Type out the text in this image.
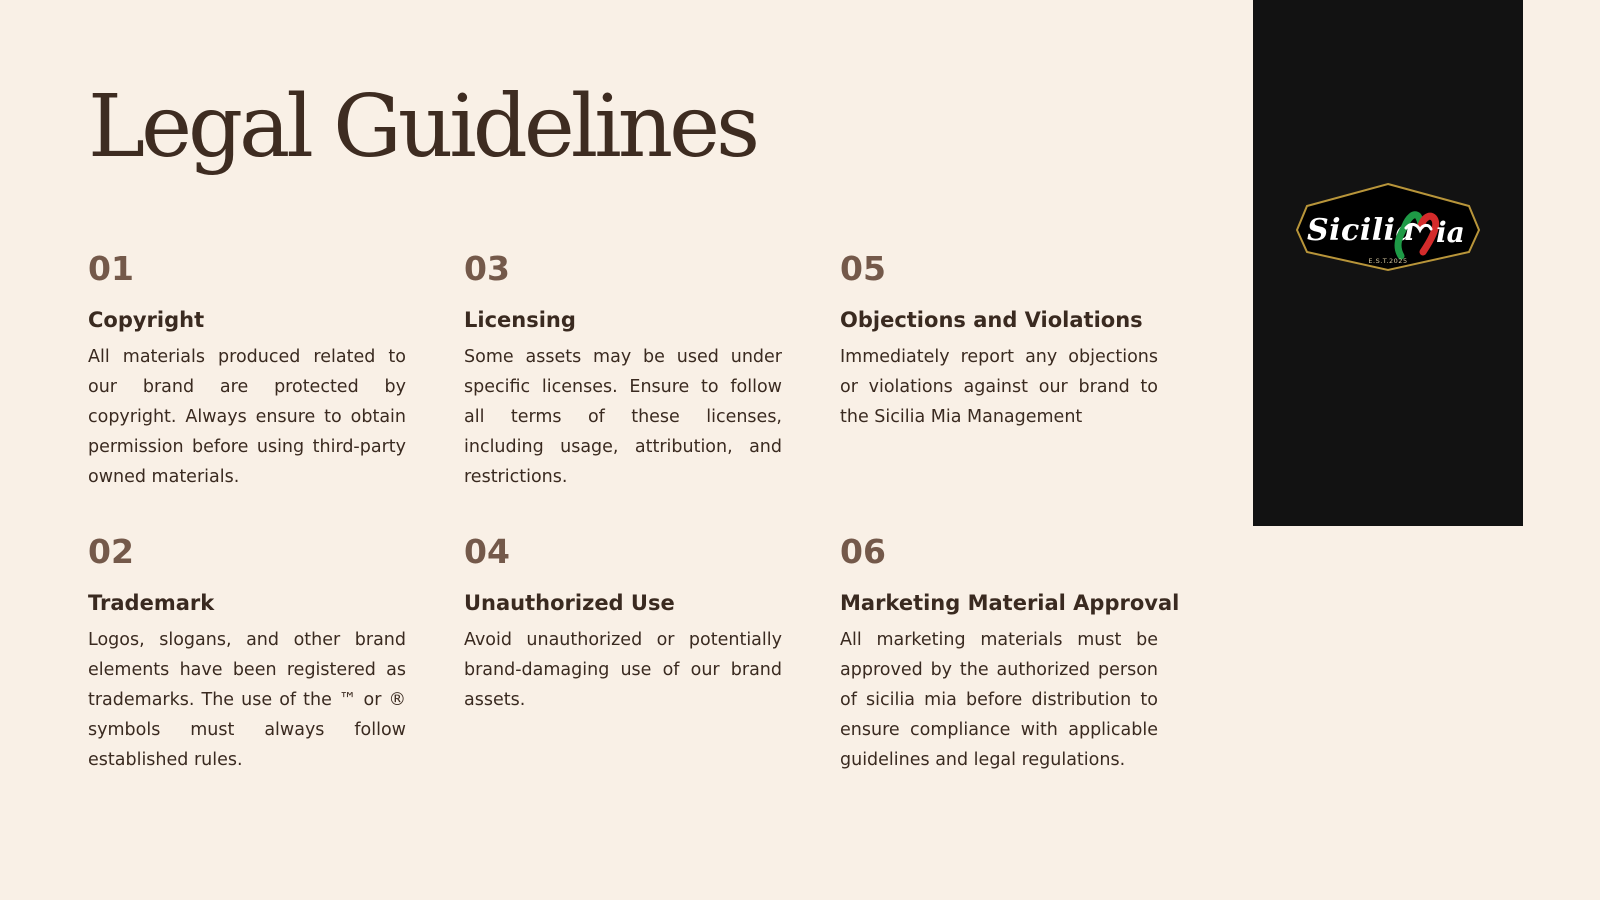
Legal Guidelines
01
Copyright

All materials produced related to our brand are protected by copyright. Always ensure to obtain permission before using third-party owned materials.

03
Licensing

Some assets may be used under specific licenses. Ensure to follow all terms of these licenses, including usage, attribution, and restrictions.

05
Objections and Violations

Immediately report any objections or violations against our brand to the Sicilia Mia Management

02
Trademark

Logos, slogans, and other brand elements have been registered as trademarks. The use of the ™ or ® symbols must always follow established rules.

04
Unauthorized Use

Avoid unauthorized or potentially brand-damaging use of our brand assets.

06
Marketing Material Approval

All marketing materials must be approved by the authorized person of sicilia mia before distribution to ensure compliance with applicable guidelines and legal regulations.

Sicilia ia
E.S.T.2025
